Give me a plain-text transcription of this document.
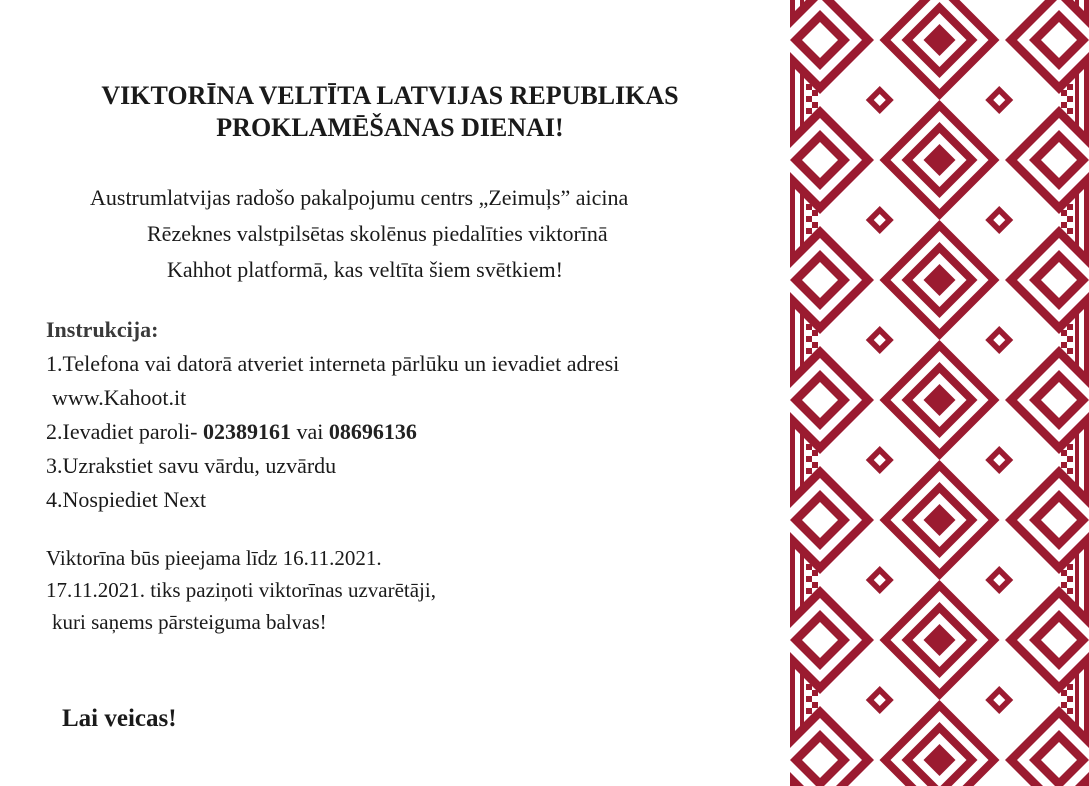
VIKTORĪNA VELTĪTA LATVIJAS REPUBLIKAS
PROKLAMĒŠANAS DIENAI!
Austrumlatvijas radošo pakalpojumu centrs „Zeimuļs” aicina
Rēzeknes valstpilsētas skolēnus piedalīties viktorīnā
Kahhot platformā, kas veltīta šiem svētkiem!
Instrukcija:
1.Telefona vai datorā atveriet interneta pārlūku un ievadiet adresi
www.Kahoot.it
2.Ievadiet paroli- 02389161 vai 08696136
3.Uzrakstiet savu vārdu, uzvārdu
4.Nospiediet Next
Viktorīna būs pieejama līdz 16.11.2021.
17.11.2021. tiks paziņoti viktorīnas uzvarētāji,
kuri saņems pārsteiguma balvas!
Lai veicas!
